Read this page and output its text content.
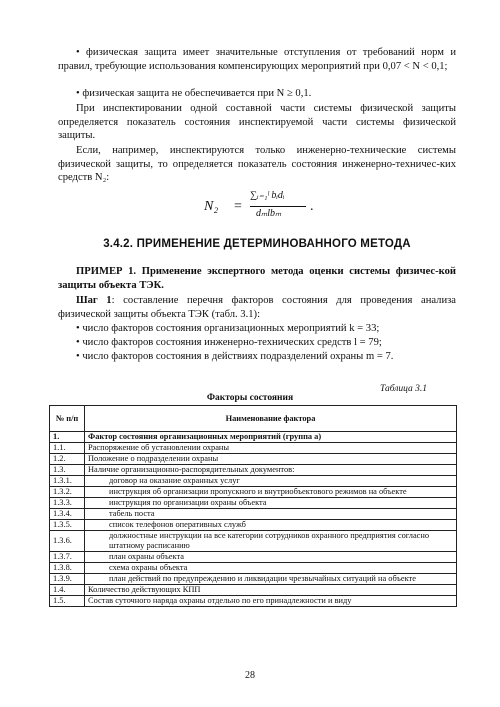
• физическая защита имеет значительные отступления от требований норм и правил, требующие использования компенсирующих мероприятий при 0,07 < N < 0,1;

• физическая защита не обеспечивается при N ≥ 0,1.

При инспектировании одной составной части системы физической защиты определяется показатель состояния инспектируемой части системы физической защиты.

Если, например, инспектируются только инженерно-технические системы физической защиты, то определяется показатель состояния инженерно-техничес-ких средств N₂:

N₂ =
∑ᵢ₌₁ˡ bᵢdᵢ
dₘlbₘ .
3.4.2. ПРИМЕНЕНИЕ ДЕТЕРМИНОВАННОГО МЕТОДА

ПРИМЕР 1. Применение экспертного метода оценки системы физичес-кой защиты объекта ТЭК.

Шаг 1: составление перечня факторов состояния для проведения анализа физической защиты объекта ТЭК (табл. 3.1):

• число факторов состояния организационных мероприятий k = 33;
• число факторов состояния инженерно-технических средств l = 79;
• число факторов состояния в действиях подразделений охраны m = 7.
Таблица 3.1
Факторы состояния
№ п/п	Наименование фактора
1.	Фактор состояния организационных мероприятий (группа а)
1.1.	Распоряжение об установлении охраны
1.2.	Положение о подразделении охраны
1.3.	Наличие организационно-распорядительных документов:
1.3.1.	договор на оказание охранных услуг
1.3.2.	инструкция об организации пропускного и внутриобъектового режимов на объекте
1.3.3.	инструкция по организации охраны объекта
1.3.4.	табель поста
1.3.5.	список телефонов оперативных служб
1.3.6.	должностные инструкции на все категории сотрудников охранного предприятия согласно штатному расписанию
1.3.7.	план охраны объекта
1.3.8.	схема охраны объекта
1.3.9.	план действий по предупреждению и ликвидации чрезвычайных ситуаций на объекте
1.4.	Количество действующих КПП
1.5.	Состав суточного наряда охраны отдельно по его принадлежности и виду
28
